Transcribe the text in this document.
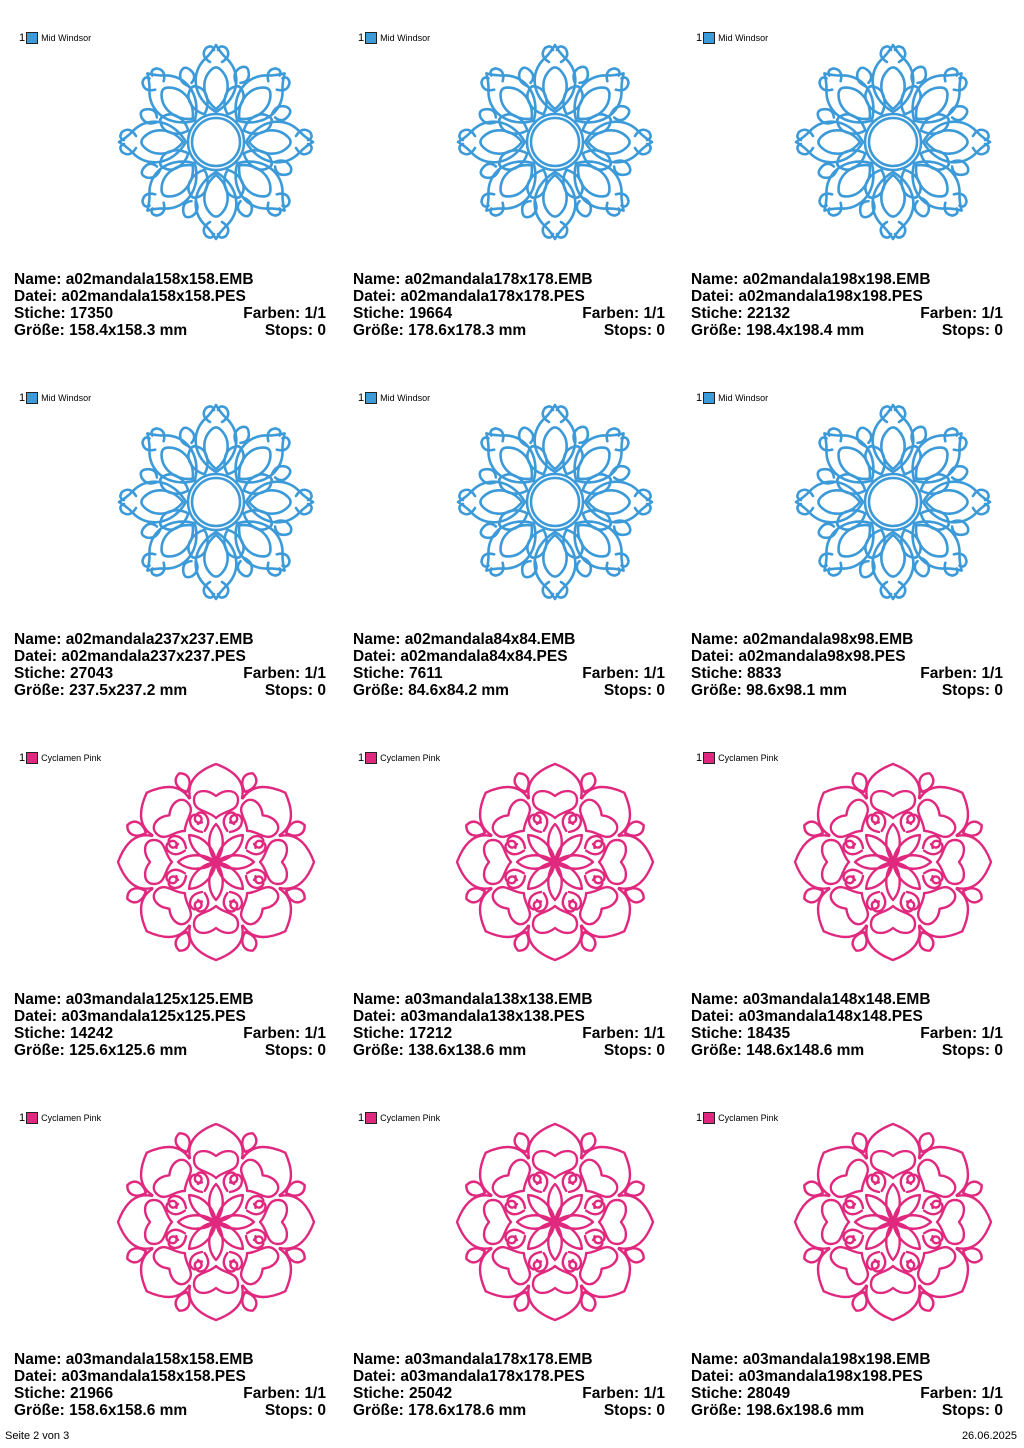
1 Mid Windsor
Name: a02mandala158x158.EMB
Datei: a02mandala158x158.PES
Stiche: 17350	Farben: 1/1
Größe: 158.4x158.3 mm	Stops: 0
1 Mid Windsor
Name: a02mandala178x178.EMB
Datei: a02mandala178x178.PES
Stiche: 19664	Farben: 1/1
Größe: 178.6x178.3 mm	Stops: 0
1 Mid Windsor
Name: a02mandala198x198.EMB
Datei: a02mandala198x198.PES
Stiche: 22132	Farben: 1/1
Größe: 198.4x198.4 mm	Stops: 0
1 Mid Windsor
Name: a02mandala237x237.EMB
Datei: a02mandala237x237.PES
Stiche: 27043	Farben: 1/1
Größe: 237.5x237.2 mm	Stops: 0
1 Mid Windsor
Name: a02mandala84x84.EMB
Datei: a02mandala84x84.PES
Stiche: 7611	Farben: 1/1
Größe: 84.6x84.2 mm	Stops: 0
1 Mid Windsor
Name: a02mandala98x98.EMB
Datei: a02mandala98x98.PES
Stiche: 8833	Farben: 1/1
Größe: 98.6x98.1 mm	Stops: 0
1 Cyclamen Pink
Name: a03mandala125x125.EMB
Datei: a03mandala125x125.PES
Stiche: 14242	Farben: 1/1
Größe: 125.6x125.6 mm	Stops: 0
1 Cyclamen Pink
Name: a03mandala138x138.EMB
Datei: a03mandala138x138.PES
Stiche: 17212	Farben: 1/1
Größe: 138.6x138.6 mm	Stops: 0
1 Cyclamen Pink
Name: a03mandala148x148.EMB
Datei: a03mandala148x148.PES
Stiche: 18435	Farben: 1/1
Größe: 148.6x148.6 mm	Stops: 0
1 Cyclamen Pink
Name: a03mandala158x158.EMB
Datei: a03mandala158x158.PES
Stiche: 21966	Farben: 1/1
Größe: 158.6x158.6 mm	Stops: 0
1 Cyclamen Pink
Name: a03mandala178x178.EMB
Datei: a03mandala178x178.PES
Stiche: 25042	Farben: 1/1
Größe: 178.6x178.6 mm	Stops: 0
1 Cyclamen Pink
Name: a03mandala198x198.EMB
Datei: a03mandala198x198.PES
Stiche: 28049	Farben: 1/1
Größe: 198.6x198.6 mm	Stops: 0
Seite 2 von 3	26.06.2025
